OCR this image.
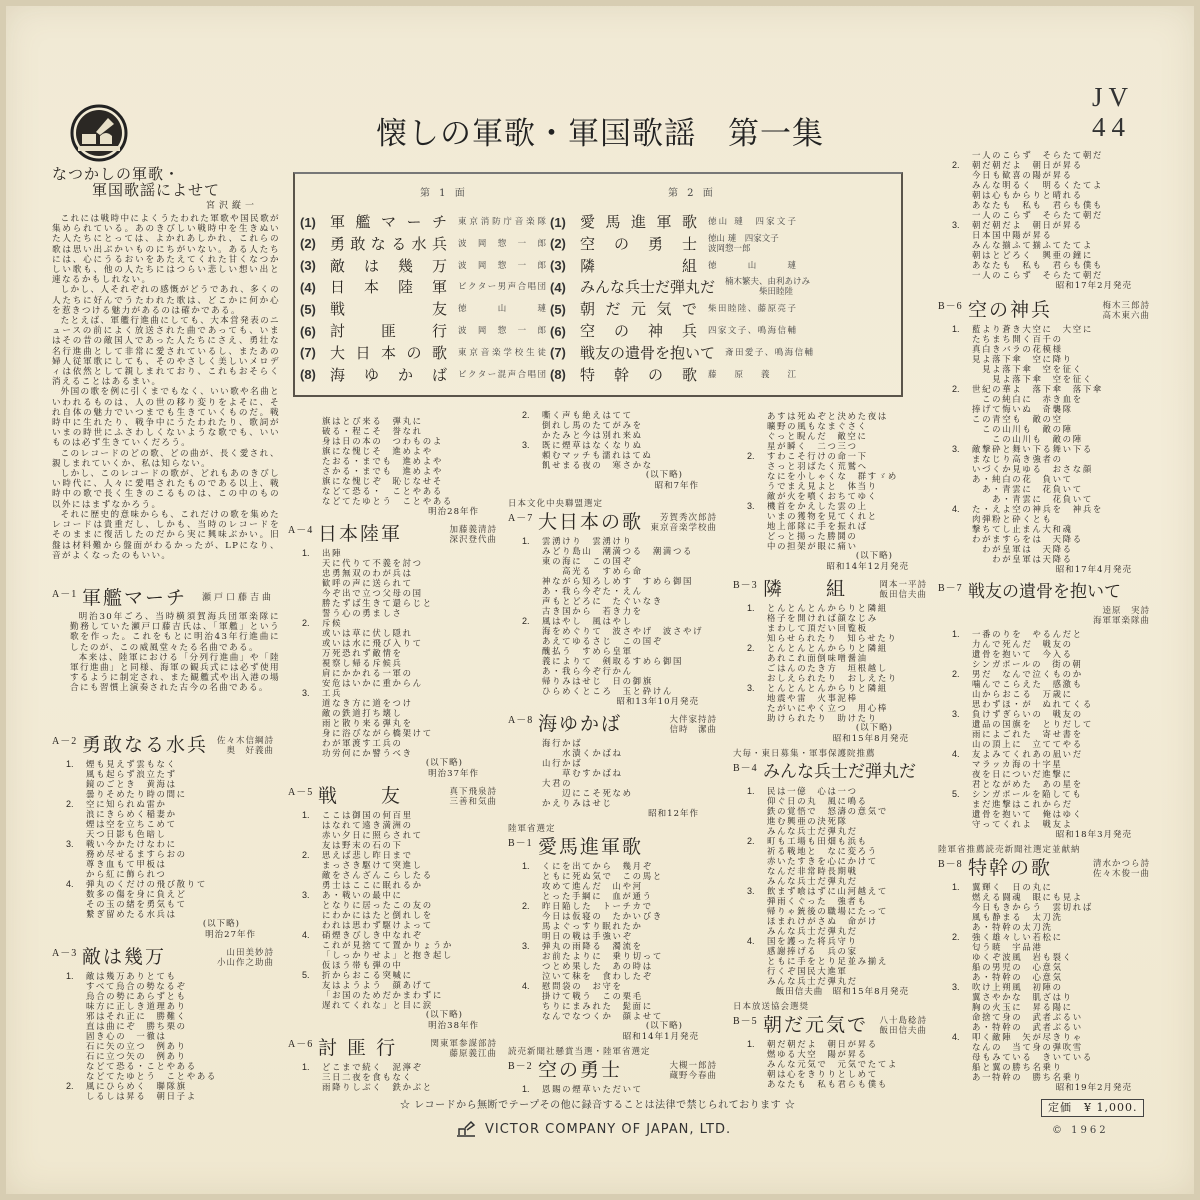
懐しの軍歌・軍国歌謡　第一集
JV
44
第 1 面
(1) 軍艦マーチ 東京消防庁音楽隊
(2) 勇敢なる水兵 波岡惣一郎
(3) 敵は幾万 波岡惣一郎
(4) 日本陸軍 ビクター男声合唱団
(5) 戦友 徳山璉
(6) 討匪行 波岡惣一郎
(7) 大日本の歌 東京音楽学校生徒
(8) 海ゆかば ビクター混声合唱団
第 2 面
(1) 愛馬進軍歌 徳山 璉　四家文子
(2) 空の勇士 徳山 璉　四家文子
波岡惣一郎
(3) 隣組 徳山璉
(4) みんな兵士だ弾丸だ 楠木繁夫、由利あけみ
　　　　柴田睦陸
(5) 朝だ元気で 柴田睦陸、藤原亮子
(6) 空の神兵 四家文子、鳴海信輔
(7) 戦友の遺骨を抱いて 斎田愛子、鳴海信輔
(8) 特幹の歌 藤原義江
なつかしの軍歌・
軍国歌謡によせて
宮沢縦一
これには戦時中によくうたわれた軍歌や国民歌が集められている。あのきびしい戦時中を生きぬいた人たちにとっては、よかれあしかれ、これらの歌は思い出ぶかいものにちがいない。ある人たちには、心にうるおいをあたえてくれた甘くなつかしい歌も、他の人たちにはつらい悲しい想い出と連なるかもしれない。
しかし、人それぞれの感慨がどうであれ、多くの人たちに好んでうたわれた歌は、どこかに何か心を惹きつける魅力があるのは確かである。
たとえば、軍艦行進曲にしても、大本営発表のニュースの前によく放送された曲であっても、いまはその昔の敵国人であった人たちにさえ、勇壮な名行進曲として非常に愛されているし、またあの婦人従軍歌にしても、そのやさしく美しいメロディは依然として親しまれており、これもおそらく消えることはあるまい。
外国の歌を例に引くまでもなく、いい歌や名曲といわれるものは、人の世の移り変りをよそに、それ自体の魅力でいつまでも生きていくものだ。戦時中に生れたり、戦争中にうたわれたり、歌詞がいまの時世にふさわしくないような歌でも、いいものは必ず生きていくだろう。
このレコードのどの歌、どの曲が、長く愛され、親しまれていくか、私は知らない。
しかし、このレコードの歌が、どれもあのきびしい時代に、人々に愛唱されたものである以上、戦時中の歌で長く生きのこるものは、この中のもの以外にはまずなかろう。
それに歴史的意味からも、これだけの歌を集めたレコードは貴重だし、しかも、当時のレコードをそのままに復活したのだから実に興味ぶかい。旧盤は材料難から盤面がわるかったが、LPになり、音がよくなったのもいい。
A－1 軍艦マーチ	瀬戸口藤吉曲
明治30年ごろ、当時横須賀海兵団軍楽隊に勤務していた瀬戸口藤吉氏は、「軍艦」という歌を作った。これをもとに明治43年行進曲にしたのが、この威風堂々たる名曲である。
本来は、陸軍における「分列行進曲」や「陸軍行進曲」と同様、海軍の観兵式には必ず使用するように制定され、また観艦式や出入港の場合にも習慣上演奏された古今の名曲である。
A－2 勇敢なる水兵	佐々木信綱詩
奥　好義曲
1.	煙も見えず雲もなく
風も起らず浪立たず
鏡のごとき　黄海は
曇りそめたり時の間に
2.	空に知られぬ雷か
浪にきらめく稲妻か
煙は空を立ちこめて
天つ日影も色暗し
3.	戦い今かたけなわに
務め尽せるますらおの
尊き血もて甲板は
から紅に飾られつ
4.	弾丸のくだけの飛び散りて
数多の傷を身に負えど
その玉の緒を勇気もて
繋ぎ留めたる水兵は
(以下略)
明治27年作
A－3 敵は幾万	山田美妙詩
小山作之助曲
1.	敵は幾万ありとても
すべて烏合の勢なるぞ
烏合の勢にあらずとも
味方に正しき道理あり
邪はそれ正に　勝難く
直は曲にぞ　勝ち栗の
固き心の　一徹は
石に矢の立つ　例あり
石に立つ矢の　例あり
などて恐る・ことやある
などてたゆとう　ことやある
2.	風にひらめく　聯隊旗
しるしは昇る　朝日子よ
旗はとび来る　弾丸に
破る・程こそ　誉なれ
身は日の本の　つわものよ
旗にな愧じそ　進めよや
たおる・までも　進めよや
さかる・までも　進めよや
旗にな愧じぞ　恥じなせそ
などて恐る・　ことやある
などてたゆとう　ことやある
明治28年作
A－4 日本陸軍	加藤義清詩
深沢登代曲
1.	出陣
天に代りて不義を討つ
忠勇無双のわが兵は
歓呼の声に送られて
今ぞ出で立つ父母の国
勝たずば生きて還らじと
誓う心の勇ましさ
2.	斥候
或いは草に伏し隠れ
或いは水に飛び入りて
万死恐れず敵情を
視察し帰る斥候兵
肩にかかれる一軍の
安危はいかに重からん
3.	工兵
道なき方に道をつけ
敵の鉄道打ち壊し
雨と散り来る弾丸を
身に浴びながら橋架けて
わが軍渡す工兵の
功労何にか譬うべき
(以下略)
明治37年作
A－5 戦　　友	真下飛泉詩
三善和気曲
1.	ここは御国の何百里
はなれて遠き満洲の
赤い夕日に照らされて
友は野末の石の下
2.	思えば悲し昨日まで
まっさき駆けて突進し
敵をさんざんこらしたる
勇士はここに眠れるか
3.	あ・戦いの最中に
となりに居ったこの友の
にわかにはたと倒れしを
われは思わず駆けよって
4.	硝煙きびしき中なれぞ
これが見捨てて置かりょうか
「しっかりせよ」と抱き起し
仮ほう帯も弾の中
5.	折からおこる突喊に
友はようよう　顔あげて
「お国のためだかまわずに
遅れてくれな」と目に涙
(以下略)
明治38年作
A－6 討 匪 行	関東軍参謀部詩
藤原義江曲
1.	どこまで続く　泥濘ぞ
三日二夜を食もなく
雨降りしぶく　鉄かぶと
2.	嘶く声も絶えはてて
倒れし馬のたてがみを
かたみと今は別れ来ぬ
3.	既に煙草はなくなりぬ
頼むマッチも濡れはてぬ
飢せまる夜の　寒さかな
(以下略)
昭和7年作
日本文化中央聯盟選定
A－7 大日本の歌	芳賀秀次郎詩
東京音楽学校曲
1.	雲湧けり　雲湧けり
みどり島山　潮満つる　潮満つる
東の海に　この国ぞ
　　高光る　すめら命
神ながら知ろしめす　すめら御国
あ・我ら今ぞた・えん
声もとどろに　たぐいなき
古き国から　若き力を
2.	風はやし　風はやし
海をめぐりて　波さやげ　波さやげ
あえてゆるさじ　この国ぞ
醜払う　すめら皇軍
義によりて　剣取るすめら御国
あ・我ら今ぞ行かん
帰りみはせじ　日の御旗
ひらめくところ　玉と砕けん
昭和13年10月発売
A－8 海ゆかば	大伴家持詩
信時　潔曲
海行かば
　　水漬くかばね
山行かば
　　草むすかばね
大君の
　　辺にこそ死なめ
かえりみはせじ
昭和12年作
陸軍省選定
B－1 愛馬進軍歌
1.	くにを出てから　幾月ぞ
ともに死ぬ気で　この馬と
攻めて進んだ　山や河
とった手綱に　血が通う
2.	昨日陥した　トーチカで
今日は仮寝の　たかいびき
馬よぐっすり眠れたか
明日の戦は手強いぞ
3.	弾丸の雨降る　濁流を
お前たよりに　乗り切って
つとめ果した　あの時は
泣いて秣を　食わしたぞ
4.	慰問袋の　お守を
掛けて戦う　この栗毛
ちりにまみれた　髭面に
なんでなつくか　顔よせて
(以下略)
昭和14年1月発売
読売新聞社懸賞当選・陸軍省選定
B－2 空の勇士	大槻一郎詩
蔵野今春曲
1.	恩賜の煙草いただいて
あすは死ぬぞと決めた夜は
曠野の風もなまぐさく
ぐっと睨んだ　敵空に
星が瞬く　二つ三つ
2.	すわこそ行けの命一下
さっと羽ばたく荒鷲へ
なにを小しゃくな　群すゞめ
うでまえ見よと　体当り
敵が火を噴くおちてゆく
3.	機首をかえした雲の上
いまの獲物を見てくれと
地上部隊に手を振れば
どっと揚った勝鬨の
中の担架が眼に痛い
(以下略)
昭和14年12月発売
B－3 隣　　組	岡本一平詩
飯田信夫曲
1.	とんとんとんからりと隣組
格子を開ければ顔なじみ
まわして頂だい回覧板
知らせられたり　知らせたり
2.	とんとんとんからりと隣組
あれこれ面倒味噌醤油
ごはんのたき方　垣根越し
おしえられたり　おしえたり
3.	とんとんとんからりと隣組
地震や雷　火事泥棒
たがいにやく立つ　用心棒
助けられたり　助けたり
(以下略)
昭和15年8月発売
大毎・東日募集・軍事保護院推薦
B－4 みんな兵士だ弾丸だ
1.	民は一億　心は一つ
仰ぐ日の丸　風に鳴る
鉄の覚悟で　怒濤の意気で
進む興亜の決死隊
みんな兵士だ弾丸だ
2.	町も工場も田畑も浜も
祈る戦地と　なに変ろう
赤いたすきを心にかけて
なんだ非常時長期戦
みんな兵士だ弾丸だ
3.	飲まず喰はずに山河越えて
弾雨くぐった　強者も
帰りゃ銃後の職場にたって
ほまれけがさぬ　命がけ
みんな兵士だ弾丸だ
4.	国を護った将兵守り
感謝捧げる　兵の家
ともに手をとり足並み揃え
行くぞ国民大進軍
みんな兵士だ弾丸だ
飯田信夫曲　昭和15年8月発売
日本放送協会選奨
B－5 朝だ元気で	八十島稔詩
飯田信夫曲
1.	朝だ朝だよ　朝日が昇る
燃ゆる大空　陽が昇る
みんな元気で　元気でたてよ
朝は心をきりりとしめて
あなたも　私も君らも僕も
一人のこらず　そらたて朝だ
2.	朝だ朝だよ　朝日が昇る
今日も歓喜の陽が昇る
みんな明るく　明るくたてよ
朝は心もからりと晴れる
あなたも　私も　君らも僕も
一人のこらず　そらたて朝だ
3.	朝だ朝だよ　朝日が昇る
日本国中陽が昇る
みんな揃ふて揃ふてたてよ
朝はとどろく　興亜の鐘に
あなたも　私も　君らも僕も
一人のこらず　そらたて朝だ
昭和17年2月発売
B－6 空の神兵	梅木三郎詩
高木東六曲
1.	藍より蒼き大空に　大空に
たちまち開く百千の
真白きバラの花模様
見よ落下傘　空に降り
　見よ落下傘　空を征く
　　見よ落下傘　空を征く
2.	世紀の華よ　落下傘　落下傘
　この純白に　赤き血を
捧げて悔いぬ　奇襲隊
この青空も　敵の空
　この山川も　敵の陣
　　この山川も　敵の陣
3.	敵撃砕と舞い下る舞い下る
まなじり高き強者の
いづくか見ゆる　おさな顔
あ・純白の花　負いて
　あ・青雲に　花負いて
　　あ・青雲に　花負いて
4.	た・えよ空の神兵を　神兵を
肉弾粉と砕くとも
撃ちてし止まん大和魂
わがますらをは　天降る
　わが皇軍は　天降る
　　わが皇軍は天降る
昭和17年4月発売
B－7 戦友の遺骨を抱いて
逵原　実詩
海軍軍楽隊曲
1.	一番のりを　やるんだと
力んで死んだ　戦友の
遺骨を抱いて　今入る
シンガポールの　街の朝
2.	男だ　なんで泣くものか
噛んでこらえた　感激も
山からおこる　万歳に
思わずほ・が　ぬれてくる
3.	負けずぎらいの　戦友の
遺品の国旗を　とりだして
雨によごれた　寄せ書を
山の頂上に　立ててやる
4.	友よみてくれあの凪いだ
マラッカ海の十字星
夜を日についだ進撃に
君とながめた　あの星を
5.	シンガポールを陥しても
まだ進撃はこれからだ
遺骨を抱いて　俺はゆく
守ってくれよ　戦友よ
昭和18年3月発売
陸軍省推薦読売新聞社選定並献納
B－8 特幹の歌	清水かつら詩
佐々木俊一曲
1.	翼輝く　日の丸に
燃える闘魂　眼にも見よ
今日もきからう　雲切れば
風も静まる　太刀洗
あ・特幹の太刀洗
2.	強く雄々しい若松に
匂う暁　宇品港
ゆくぞ波風　岩も裂く
船の男児の　心意気
あ・特幹の　心意気
3.	吹け上朔風　初陣の
翼さやかな　肌ざはり
胸の火玉に　昇る陽に
命捨て身の　武者ぶるい
あ・特幹の　武者ぶるい
4.	叩く敵陣　矢が尽きりゃ
なんの　当て身の弾吹雪
母もみている　きいている
船と翼の勝ち名乗り
あ一特幹の　勝ち名乗り
昭和19年2月発売
☆ レコードから無断でテープその他に録音することは法律で禁じられております ☆
VICTOR COMPANY OF JAPAN, LTD.
定価　¥ 1,000.
© 1962
